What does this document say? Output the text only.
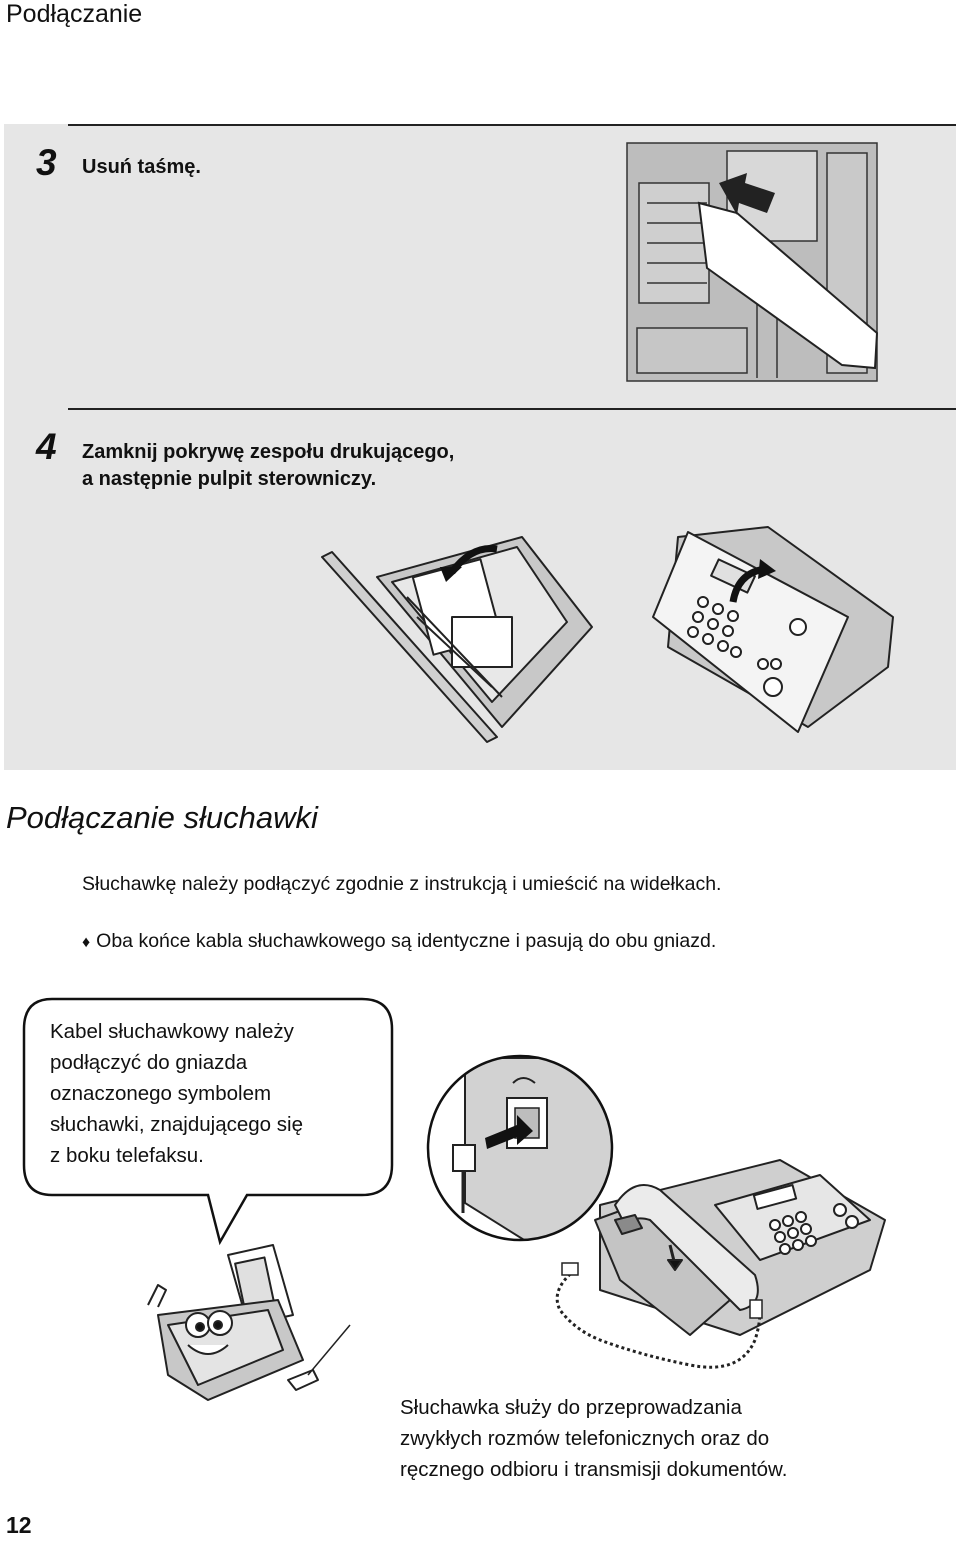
Podłączanie
3 Usuń taśmę.
4 Zamknij pokrywę zespołu drukującego,
a następnie pulpit sterowniczy.
Podłączanie słuchawki
Słuchawkę należy podłączyć zgodnie z instrukcją i umieścić na widełkach.
♦ Oba końce kabla słuchawkowego są identyczne i pasują do obu gniazd.
Kabel słuchawkowy należy
podłączyć do gniazda
oznaczonego symbolem
słuchawki, znajdującego się
z boku telefaksu.
Słuchawka służy do przeprowadzania
zwykłych rozmów telefonicznych oraz do
ręcznego odbioru i transmisji dokumentów.
12
